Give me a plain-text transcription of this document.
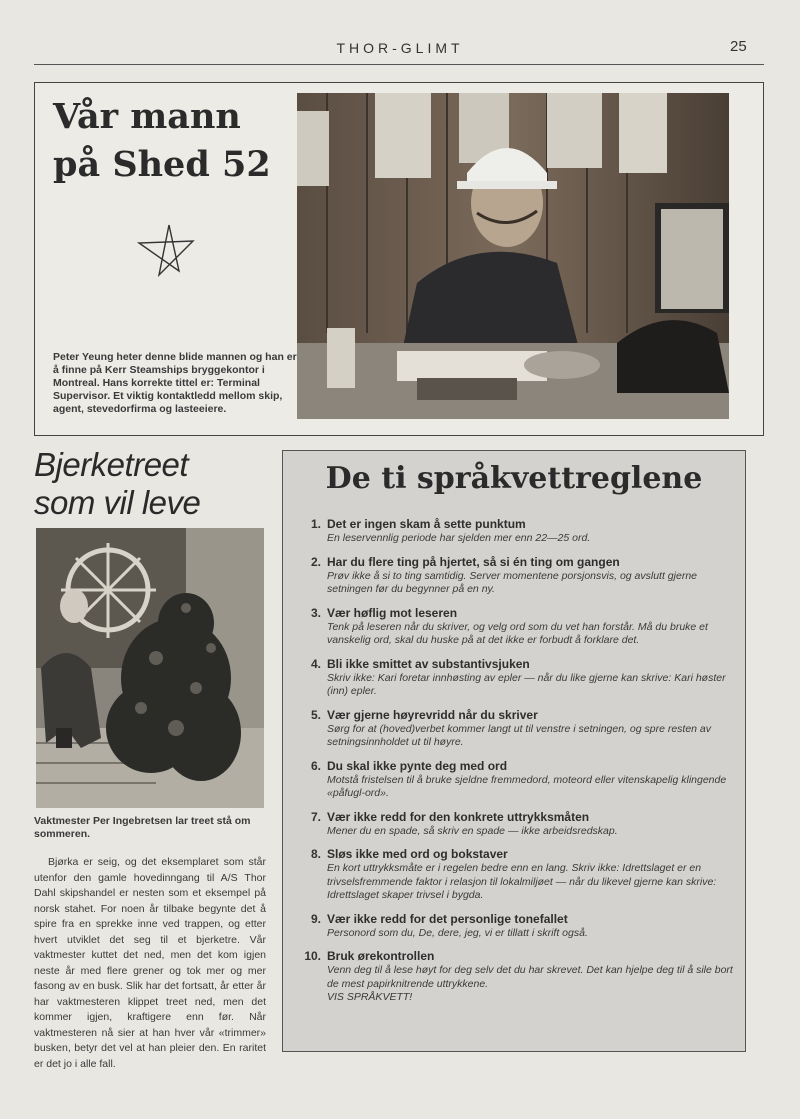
THOR-GLIMT	25
Vår mann
på Shed 52
Peter Yeung heter denne blide mannen og han er å finne på Kerr Steamships bryggekontor i Montreal. Hans korrekte tittel er: Terminal Supervisor. Et viktig kontaktledd mellom skip, agent, stevedorfirma og lasteeiere.
Bjerketreet
som vil leve
Vaktmester Per Ingebretsen lar treet stå om sommeren.
Bjørka er seig, og det eksemplaret som står utenfor den gamle hovedinngang til A/S Thor Dahl skipshandel er nesten som et eksempel på norsk stahet. For noen år tilbake begynte det å spire fra en sprekke inne ved trappen, og etter hvert utviklet det seg til et bjerketre. Vår vaktmester kuttet det ned, men det kom igjen neste år med flere grener og tok mer og mer fasong av en busk. Slik har det fortsatt, år etter år har vaktmesteren klippet treet ned, men det kommer igjen, kraftigere enn før. Når vaktmesteren nå sier at han hver vår «trimmer» busken, betyr det vel at han pleier den. En raritet er det jo i alle fall.
De ti språkvettreglene
1. Det er ingen skam å sette punktum
En leservennlig periode har sjelden mer enn 22—25 ord.
2. Har du flere ting på hjertet, så si én ting om gangen
Prøv ikke å si to ting samtidig. Server momentene porsjonsvis, og avslutt gjerne setningen før du begynner på en ny.
3. Vær høflig mot leseren
Tenk på leseren når du skriver, og velg ord som du vet han forstår. Må du bruke et vanskelig ord, skal du huske på at det ikke er forbudt å forklare det.
4. Bli ikke smittet av substantivsjuken
Skriv ikke: Kari foretar innhøsting av epler — når du like gjerne kan skrive: Kari høster (inn) epler.
5. Vær gjerne høyrevridd når du skriver
Sørg for at (hoved)verbet kommer langt ut til venstre i setningen, og spre resten av setningsinnholdet ut til høyre.
6. Du skal ikke pynte deg med ord
Motstå fristelsen til å bruke sjeldne fremmedord, moteord eller vitenskapelig klingende «påfugl-ord».
7. Vær ikke redd for den konkrete uttrykksmåten
Mener du en spade, så skriv en spade — ikke arbeidsredskap.
8. Sløs ikke med ord og bokstaver
En kort uttrykksmåte er i regelen bedre enn en lang. Skriv ikke: Idrettslaget er en trivselsfremmende faktor i relasjon til lokalmiljøet — når du likevel gjerne kan skrive: Idrettslaget skaper trivsel i bygda.
9. Vær ikke redd for det personlige tonefallet
Personord som du, De, dere, jeg, vi er tillatt i skrift også.
10. Bruk ørekontrollen
Venn deg til å lese høyt for deg selv det du har skrevet. Det kan hjelpe deg til å sile bort de mest papirknitrende uttrykkene.
VIS SPRÅKVETT!
